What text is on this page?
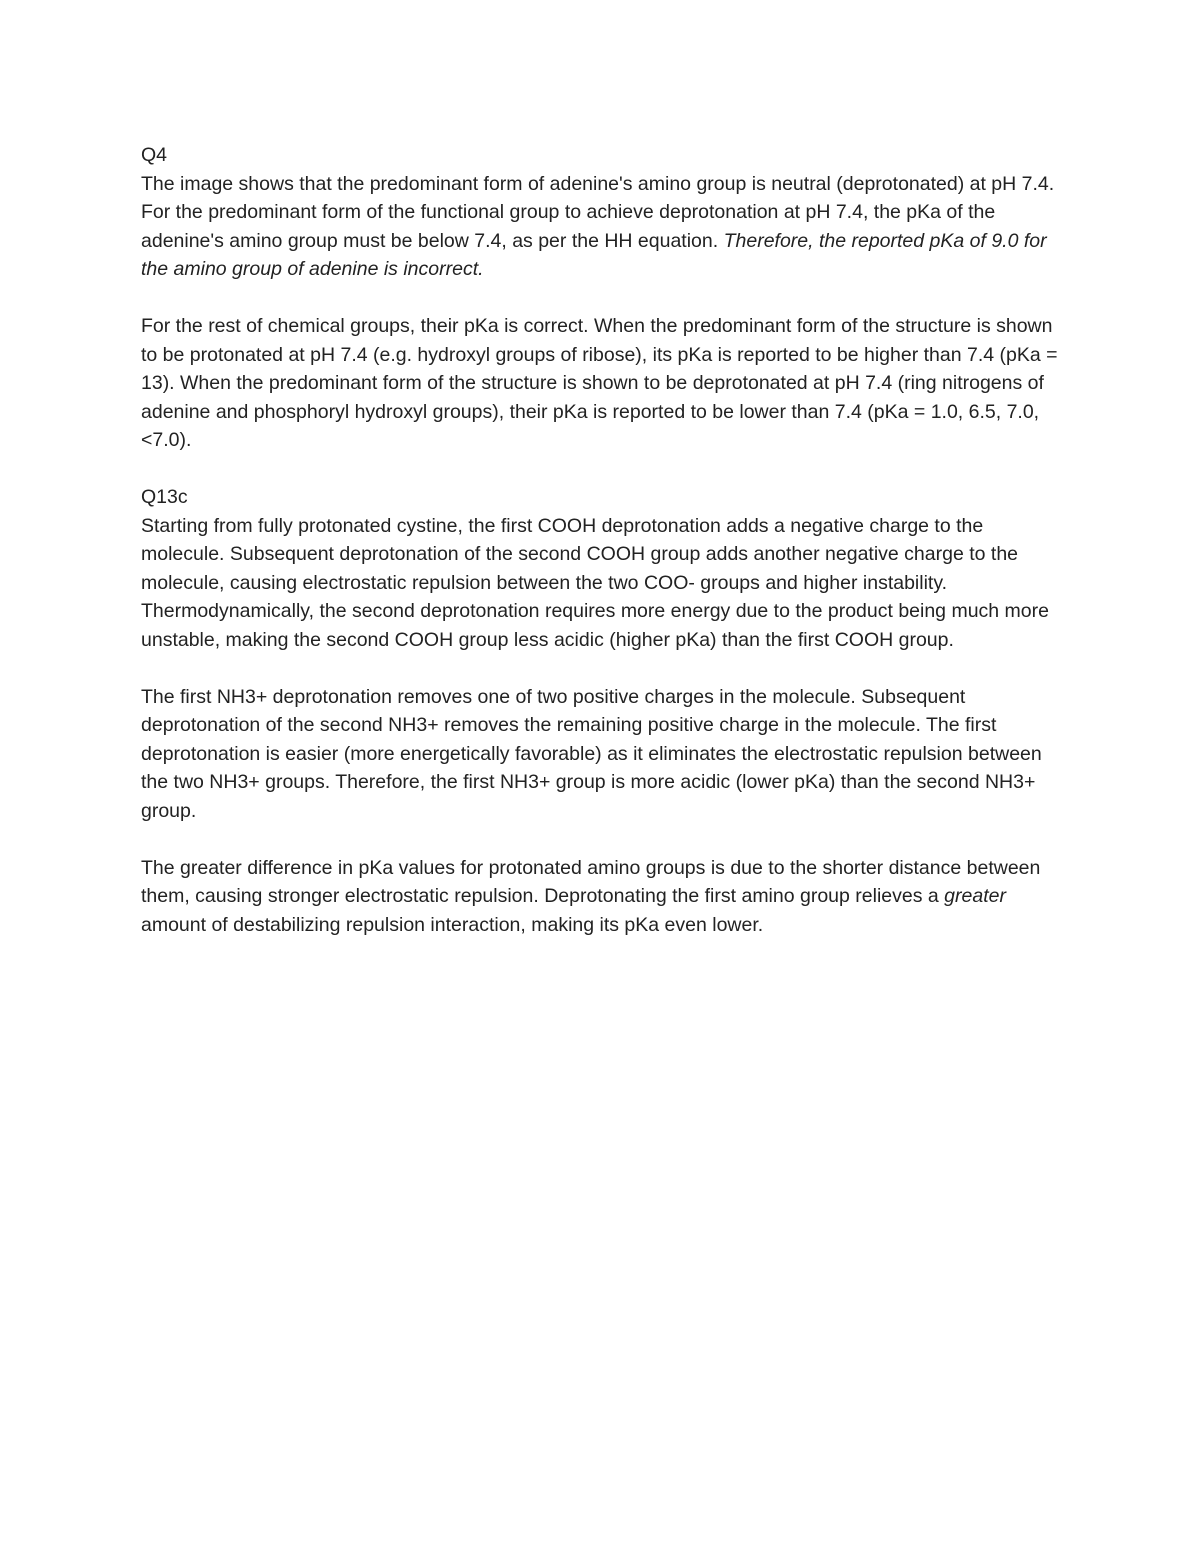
Q4

The image shows that the predominant form of adenine's amino group is neutral (deprotonated) at pH 7.4. For the predominant form of the functional group to achieve deprotonation at pH 7.4, the pKa of the adenine's amino group must be below 7.4, as per the HH equation. Therefore, the reported pKa of 9.0 for the amino group of adenine is incorrect.

For the rest of chemical groups, their pKa is correct. When the predominant form of the structure is shown to be protonated at pH 7.4 (e.g. hydroxyl groups of ribose), its pKa is reported to be higher than 7.4 (pKa = 13). When the predominant form of the structure is shown to be deprotonated at pH 7.4 (ring nitrogens of adenine and phosphoryl hydroxyl groups), their pKa is reported to be lower than 7.4 (pKa = 1.0, 6.5, 7.0, <7.0).

Q13c

Starting from fully protonated cystine, the first COOH deprotonation adds a negative charge to the molecule. Subsequent deprotonation of the second COOH group adds another negative charge to the molecule, causing electrostatic repulsion between the two COO- groups and higher instability. Thermodynamically, the second deprotonation requires more energy due to the product being much more unstable, making the second COOH group less acidic (higher pKa) than the first COOH group.

The first NH3+ deprotonation removes one of two positive charges in the molecule. Subsequent deprotonation of the second NH3+ removes the remaining positive charge in the molecule. The first deprotonation is easier (more energetically favorable) as it eliminates the electrostatic repulsion between the two NH3+ groups. Therefore, the first NH3+ group is more acidic (lower pKa) than the second NH3+ group.

The greater difference in pKa values for protonated amino groups is due to the shorter distance between them, causing stronger electrostatic repulsion. Deprotonating the first amino group relieves a greater amount of destabilizing repulsion interaction, making its pKa even lower.
